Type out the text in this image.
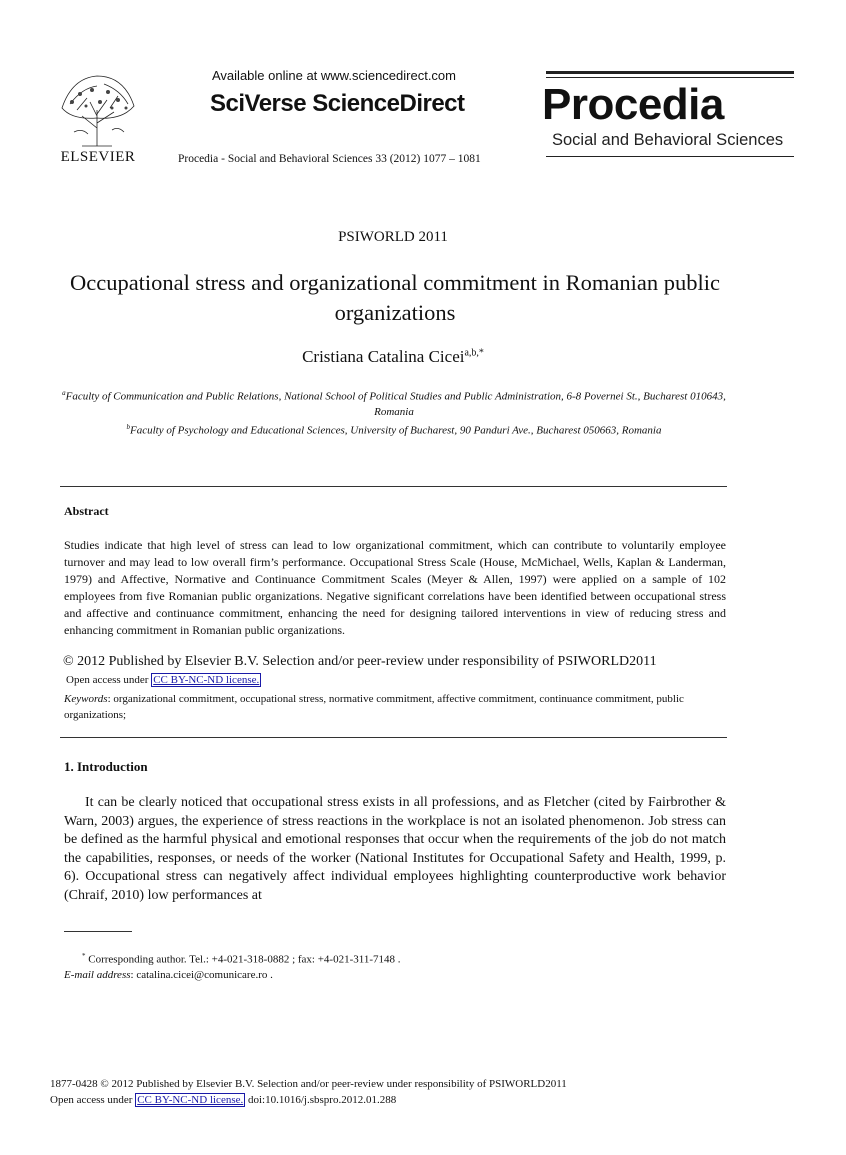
ELSEVIER
Available online at www.sciencedirect.com
SciVerse ScienceDirect
Procedia - Social and Behavioral Sciences 33 (2012) 1077 – 1081
Procedia
Social and Behavioral Sciences
PSIWORLD 2011
Occupational stress and organizational commitment in Romanian public organizations
Cristiana Catalina Cicei$^{a,b,*}$
$^a$Faculty of Communication and Public Relations, National School of Political Studies and Public Administration, 6-8 Povernei St., Bucharest 010643, Romania
$^b$Faculty of Psychology and Educational Sciences, University of Bucharest, 90 Panduri Ave., Bucharest 050663, Romania
Abstract
Studies indicate that high level of stress can lead to low organizational commitment, which can contribute to voluntarily employee turnover and may lead to low overall firm’s performance. Occupational Stress Scale (House, McMichael, Wells, Kaplan & Landerman, 1979) and Affective, Normative and Continuance Commitment Scales (Meyer & Allen, 1997) were applied on a sample of 102 employees from five Romanian public organizations. Negative significant correlations have been identified between occupational stress and affective and continuance commitment, enhancing the need for designing tailored interventions in view of reducing stress and enhancing commitment in Romanian public organizations.
© 2012 Published by Elsevier B.V. Selection and/or peer-review under responsibility of PSIWORLD2011
Open access under CC BY-NC-ND license.
Keywords: organizational commitment, occupational stress, normative commitment, affective commitment, continuance commitment, public organizations;
1. Introduction
It can be clearly noticed that occupational stress exists in all professions, and as Fletcher (cited by Fairbrother & Warn, 2003) argues, the experience of stress reactions in the workplace is not an isolated phenomenon. Job stress can be defined as the harmful physical and emotional responses that occur when the requirements of the job do not match the capabilities, responses, or needs of the worker (National Institutes for Occupational Safety and Health, 1999, p. 6). Occupational stress can negatively affect individual employees highlighting counterproductive work behavior (Chraif, 2010) low performances at
* Corresponding author. Tel.: +4-021-318-0882 ; fax: +4-021-311-7148 .
E-mail address: catalina.cicei@comunicare.ro .
1877-0428 © 2012 Published by Elsevier B.V. Selection and/or peer-review under responsibility of PSIWORLD2011
Open access under CC BY-NC-ND license. doi:10.1016/j.sbspro.2012.01.288
